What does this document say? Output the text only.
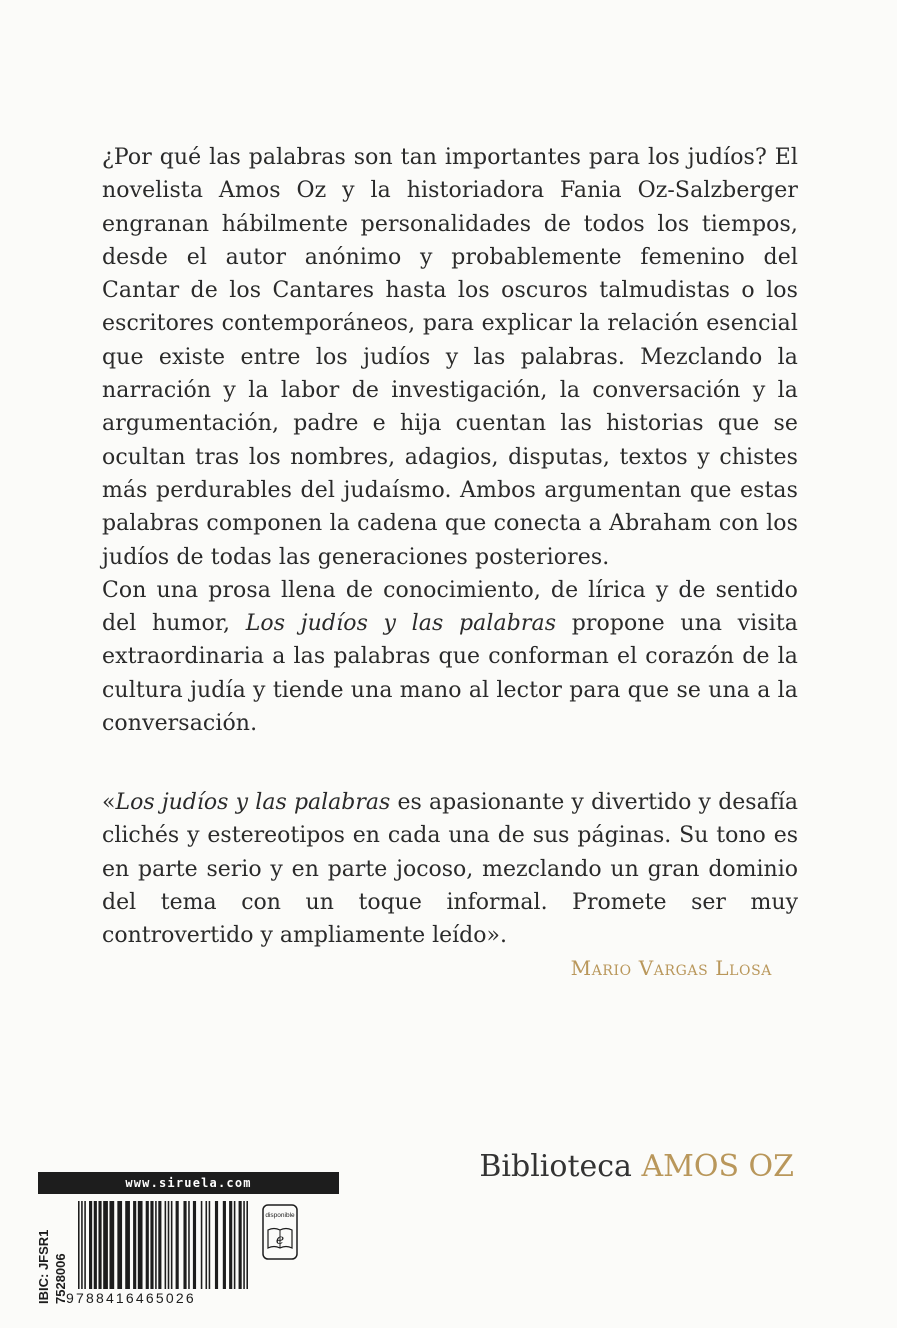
¿Por qué las palabras son tan importantes para los judíos? El novelista Amos Oz y la historiadora Fania Oz-Salzberger engranan hábilmente personalidades de todos los tiempos, desde el autor anónimo y probablemente femenino del Cantar de los Cantares hasta los oscuros talmudistas o los escritores contemporáneos, para explicar la relación esencial que existe entre los judíos y las palabras. Mezclando la narración y la labor de investigación, la conversación y la argumentación, padre e hija cuentan las historias que se ocultan tras los nombres, adagios, disputas, textos y chistes más perdurables del judaísmo. Ambos argumentan que estas palabras componen la cadena que conecta a Abraham con los judíos de todas las generaciones posteriores.

Con una prosa llena de conocimiento, de lírica y de sentido del humor, Los judíos y las palabras propone una visita extraordinaria a las palabras que conforman el corazón de la cultura judía y tiende una mano al lector para que se una a la conversación.

«Los judíos y las palabras es apasionante y divertido y desafía clichés y estereotipos en cada una de sus páginas. Su tono es en parte serio y en parte jocoso, mezclando un gran dominio del tema con un toque informal. Promete ser muy controvertido y ampliamente leído».

Mario Vargas Llosa
Biblioteca AMOS OZ
www.siruela.com
IBIC: JFSR1 7528006
9788416465026
disponible
e
